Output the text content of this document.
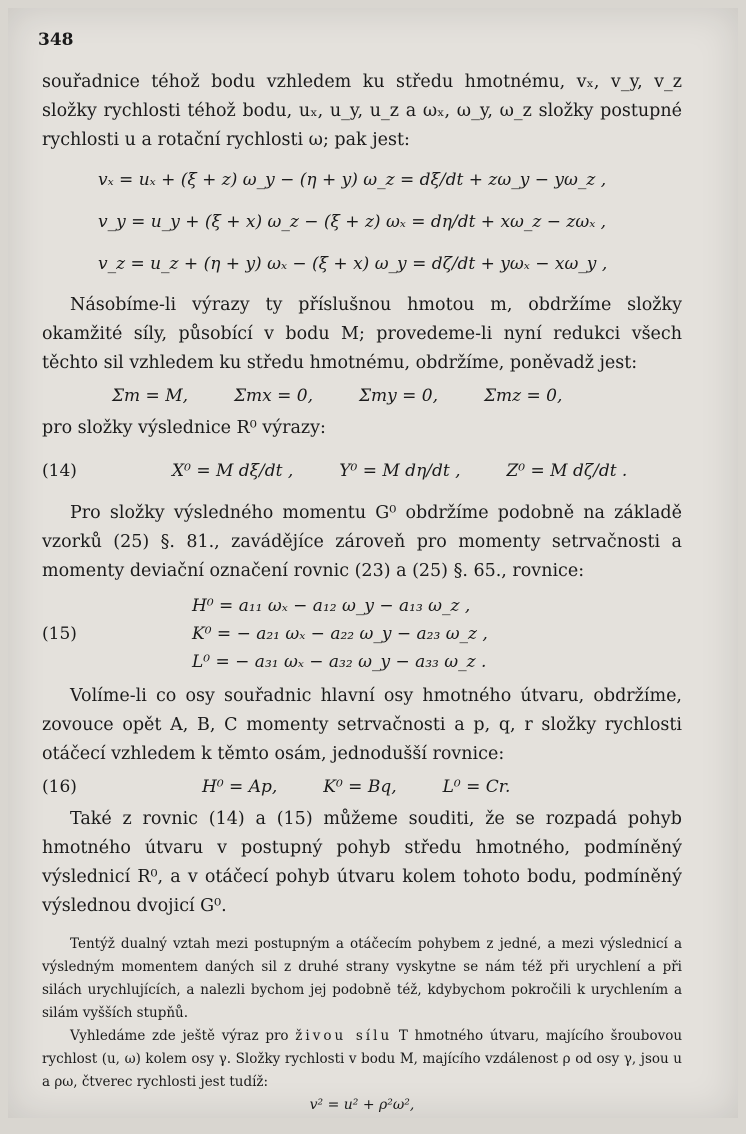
348

souřadnice téhož bodu vzhledem ku středu hmotnému, vₓ, v_y, v_z složky rychlosti téhož bodu, uₓ, u_y, u_z a ωₓ, ω_y, ω_z složky postupné rychlosti u a rotační rychlosti ω; pak jest:

vₓ = uₓ + (ξ + z) ω_y − (η + y) ω_z = dξ/dt + zω_y − yω_z ,
v_y = u_y + (ξ + x) ω_z − (ξ + z) ωₓ = dη/dt + xω_z − zωₓ ,
v_z = u_z + (η + y) ωₓ − (ξ + x) ω_y = dζ/dt + yωₓ − xω_y ,

Násobíme-li výrazy ty příslušnou hmotou m, obdržíme složky okamžité síly, působící v bodu M; provedeme-li nyní redukci všech těchto sil vzhledem ku středu hmotnému, obdržíme, poněvadž jest:

Σm = M,	Σmx = 0,	Σmy = 0,	Σmz = 0,

pro složky výslednice R⁰ výrazy:

(14)	X⁰ = M dξ/dt ,	Y⁰ = M dη/dt ,	Z⁰ = M dζ/dt .

Pro složky výsledného momentu G⁰ obdržíme podobně na základě vzorků (25) §. 81., zavádějíce zároveň pro momenty setrvačnosti a momenty deviační označení rovnic (23) a (25) §. 65., rovnice:

(15)
H⁰ = a₁₁ ωₓ − a₁₂ ω_y − a₁₃ ω_z ,
K⁰ = − a₂₁ ωₓ − a₂₂ ω_y − a₂₃ ω_z ,
L⁰ = − a₃₁ ωₓ − a₃₂ ω_y − a₃₃ ω_z .

Volíme-li co osy souřadnic hlavní osy hmotného útvaru, obdržíme, zovouce opět A, B, C momenty setrvačnosti a p, q, r složky rychlosti otáčecí vzhledem k těmto osám, jednodušší rovnice:

(16)	H⁰ = Ap,	K⁰ = Bq,	L⁰ = Cr.

Také z rovnic (14) a (15) můžeme souditi, že se rozpadá pohyb hmotného útvaru v postupný pohyb středu hmotného, podmíněný výslednicí R⁰, a v otáčecí pohyb útvaru kolem tohoto bodu, podmíněný výslednou dvojicí G⁰.

Tentýž dualný vztah mezi postupným a otáčecím pohybem z jedné, a mezi výslednicí a výsledným momentem daných sil z druhé strany vyskytne se nám též při urychlení a při silách urychlujících, a nalezli bychom jej podobně též, kdybychom pokročili k urychlením a silám vyšších stupňů.

Vyhledáme zde ještě výraz pro živou sílu T hmotného útvaru, majícího šroubovou rychlost (u, ω) kolem osy γ. Složky rychlosti v bodu M, majícího vzdálenost ρ od osy γ, jsou u a ρω, čtverec rychlosti jest tudíž:

v² = u² + ρ²ω²,
